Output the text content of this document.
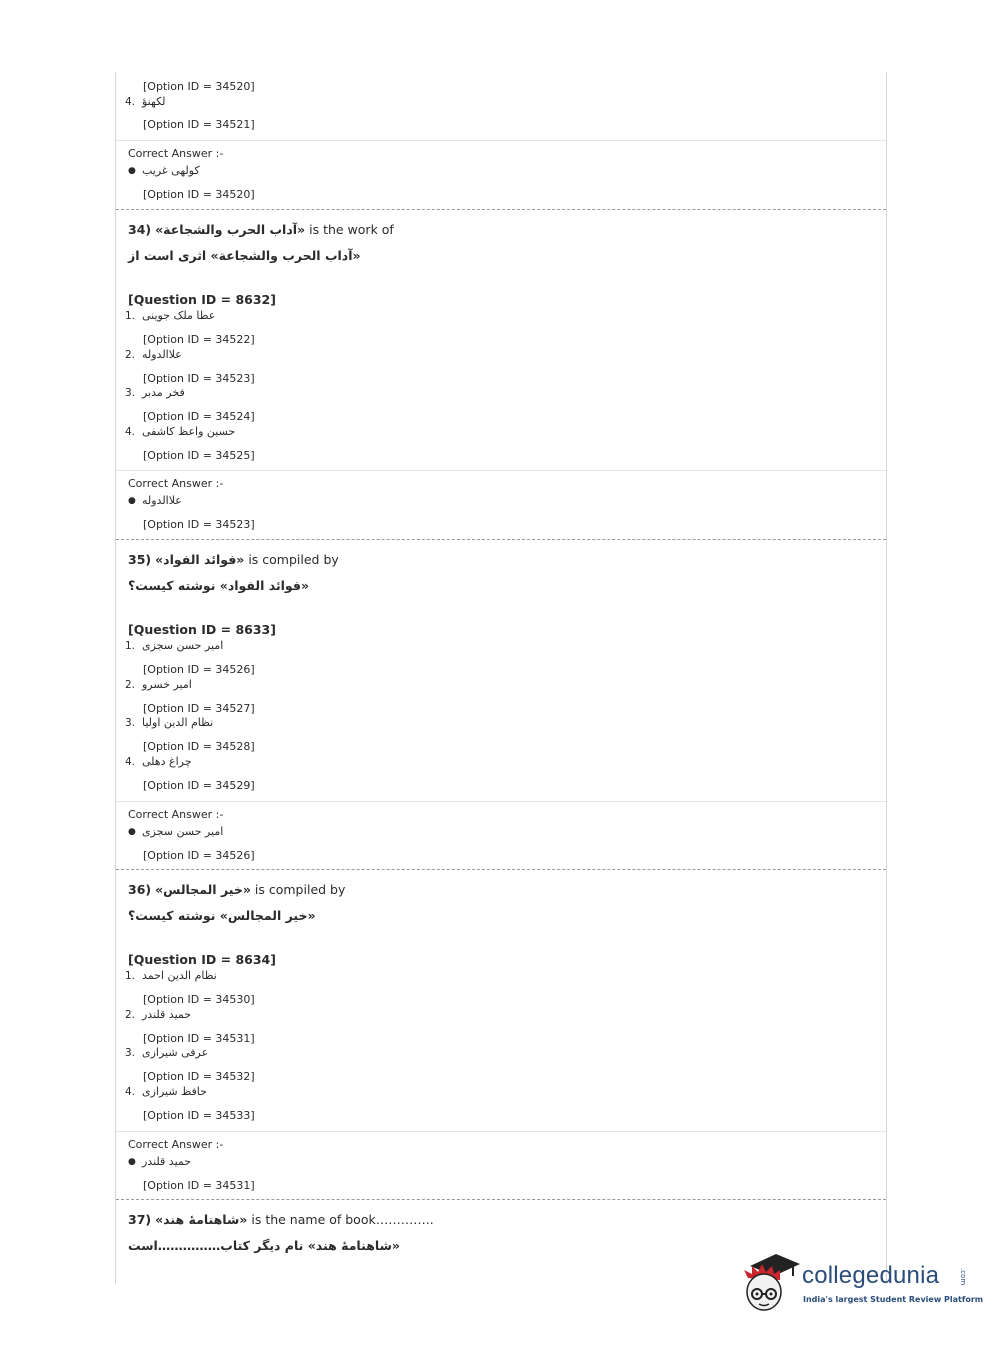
[Option ID = 34520]
4. لکهنؤ
[Option ID = 34521]
Correct Answer :-
● کولهی غریب
[Option ID = 34520]
34) «آداب الحرب والشجاعة» is the work of
«آداب الحرب والشجاعة» اثری است از
[Question ID = 8632]
1. عطا ملک جوینی
[Option ID = 34522]
2. علاالدوله
[Option ID = 34523]
3. فخر مدبر
[Option ID = 34524]
4. حسین واعظ کاشفی
[Option ID = 34525]
Correct Answer :-
● علاالدوله
[Option ID = 34523]
35) «فوائد الفواد» is compiled by
«فوائد الفواد» نوشته کیست؟
[Question ID = 8633]
1. امیر حسن سجزی
[Option ID = 34526]
2. امیر خسرو
[Option ID = 34527]
3. نظام الدین اولیا
[Option ID = 34528]
4. چراغ دهلی
[Option ID = 34529]
Correct Answer :-
● امیر حسن سجزی
[Option ID = 34526]
36) «خیر المجالس» is compiled by
«خیر المجالس» نوشته کیست؟
[Question ID = 8634]
1. نظام الدین احمد
[Option ID = 34530]
2. حمید قلندر
[Option ID = 34531]
3. عرفی شیرازی
[Option ID = 34532]
4. حافظ شیرازی
[Option ID = 34533]
Correct Answer :-
● حمید قلندر
[Option ID = 34531]
37) «شاهنامهٔ هند» is the name of book…………..
«شاهنامهٔ هند» نام دیگر کتاب……………است
collegedunia	.com
India's largest Student Review Platform
